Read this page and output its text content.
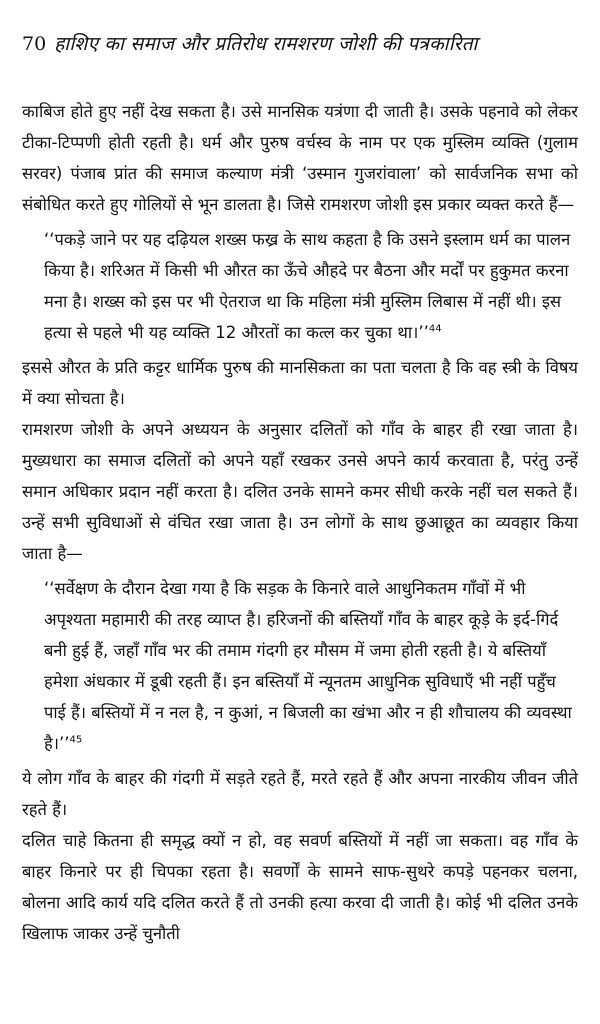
70 हाशिए का समाज और प्रतिरोध रामशरण जोशी की पत्रकारिता

काबिज होते हुए नहीं देख सकता है। उसे मानसिक यत्रंणा दी जाती है। उसके पहनावे को लेकर टीका-टिप्पणी होती रहती है। धर्म और पुरुष वर्चस्व के नाम पर एक मुस्लिम व्यक्ति (गुलाम सरवर) पंजाब प्रांत की समाज कल्याण मंत्री ‘उस्मान गुजरांवाला’ को सार्वजनिक सभा को संबोधित करते हुए गोलियों से भून डालता है। जिसे रामशरण जोशी इस प्रकार व्यक्त करते हैं—

‘‘पकड़े जाने पर यह दढ़ियल शख्स फख्र के साथ कहता है कि उसने इस्लाम धर्म का पालन किया है। शरिअत में किसी भी औरत का ऊँचे औहदे पर बैठना और मर्दों पर हुकुमत करना मना है। शख्स को इस पर भी ऐतराज था कि महिला मंत्री मुस्लिम लिबास में नहीं थी। इस हत्या से पहले भी यह व्यक्ति 12 औरतों का कत्ल कर चुका था।’’$^{44}$

इससे औरत के प्रति कट्टर धार्मिक पुरुष की मानसिकता का पता चलता है कि वह स्त्री के विषय में क्या सोचता है।

रामशरण जोशी के अपने अध्ययन के अनुसार दलितों को गाँव के बाहर ही रखा जाता है। मुख्यधारा का समाज दलितों को अपने यहाँ रखकर उनसे अपने कार्य करवाता है, परंतु उन्हें समान अधिकार प्रदान नहीं करता है। दलित उनके सामने कमर सीधी करके नहीं चल सकते हैं। उन्हें सभी सुविधाओं से वंचित रखा जाता है। उन लोगों के साथ छुआछूत का व्यवहार किया जाता है—

‘‘सर्वेक्षण के दौरान देखा गया है कि सड़क के किनारे वाले आधुनिकतम गाँवों में भी अपृश्यता महामारी की तरह व्याप्त है। हरिजनों की बस्तियाँ गाँव के बाहर कूड़े के इर्द-गिर्द बनी हुई हैं, जहाँ गाँव भर की तमाम गंदगी हर मौसम में जमा होती रहती है। ये बस्तियाँ हमेशा अंधकार में डूबी रहती हैं। इन बस्तियाँ में न्यूनतम आधुनिक सुविधाएँ भी नहीं पहुँच पाई हैं। बस्तियों में न नल है, न कुआं, न बिजली का खंभा और न ही शौचालय की व्यवस्था है।’’$^{45}$

ये लोग गाँव के बाहर की गंदगी में सड़ते रहते हैं, मरते रहते हैं और अपना नारकीय जीवन जीते रहते हैं।

दलित चाहे कितना ही समृद्ध क्यों न हो, वह सवर्ण बस्तियों में नहीं जा सकता। वह गाँव के बाहर किनारे पर ही चिपका रहता है। सवर्णों के सामने साफ-सुथरे कपड़े पहनकर चलना, बोलना आदि कार्य यदि दलित करते हैं तो उनकी हत्या करवा दी जाती है। कोई भी दलित उनके खिलाफ जाकर उन्हें चुनौती
